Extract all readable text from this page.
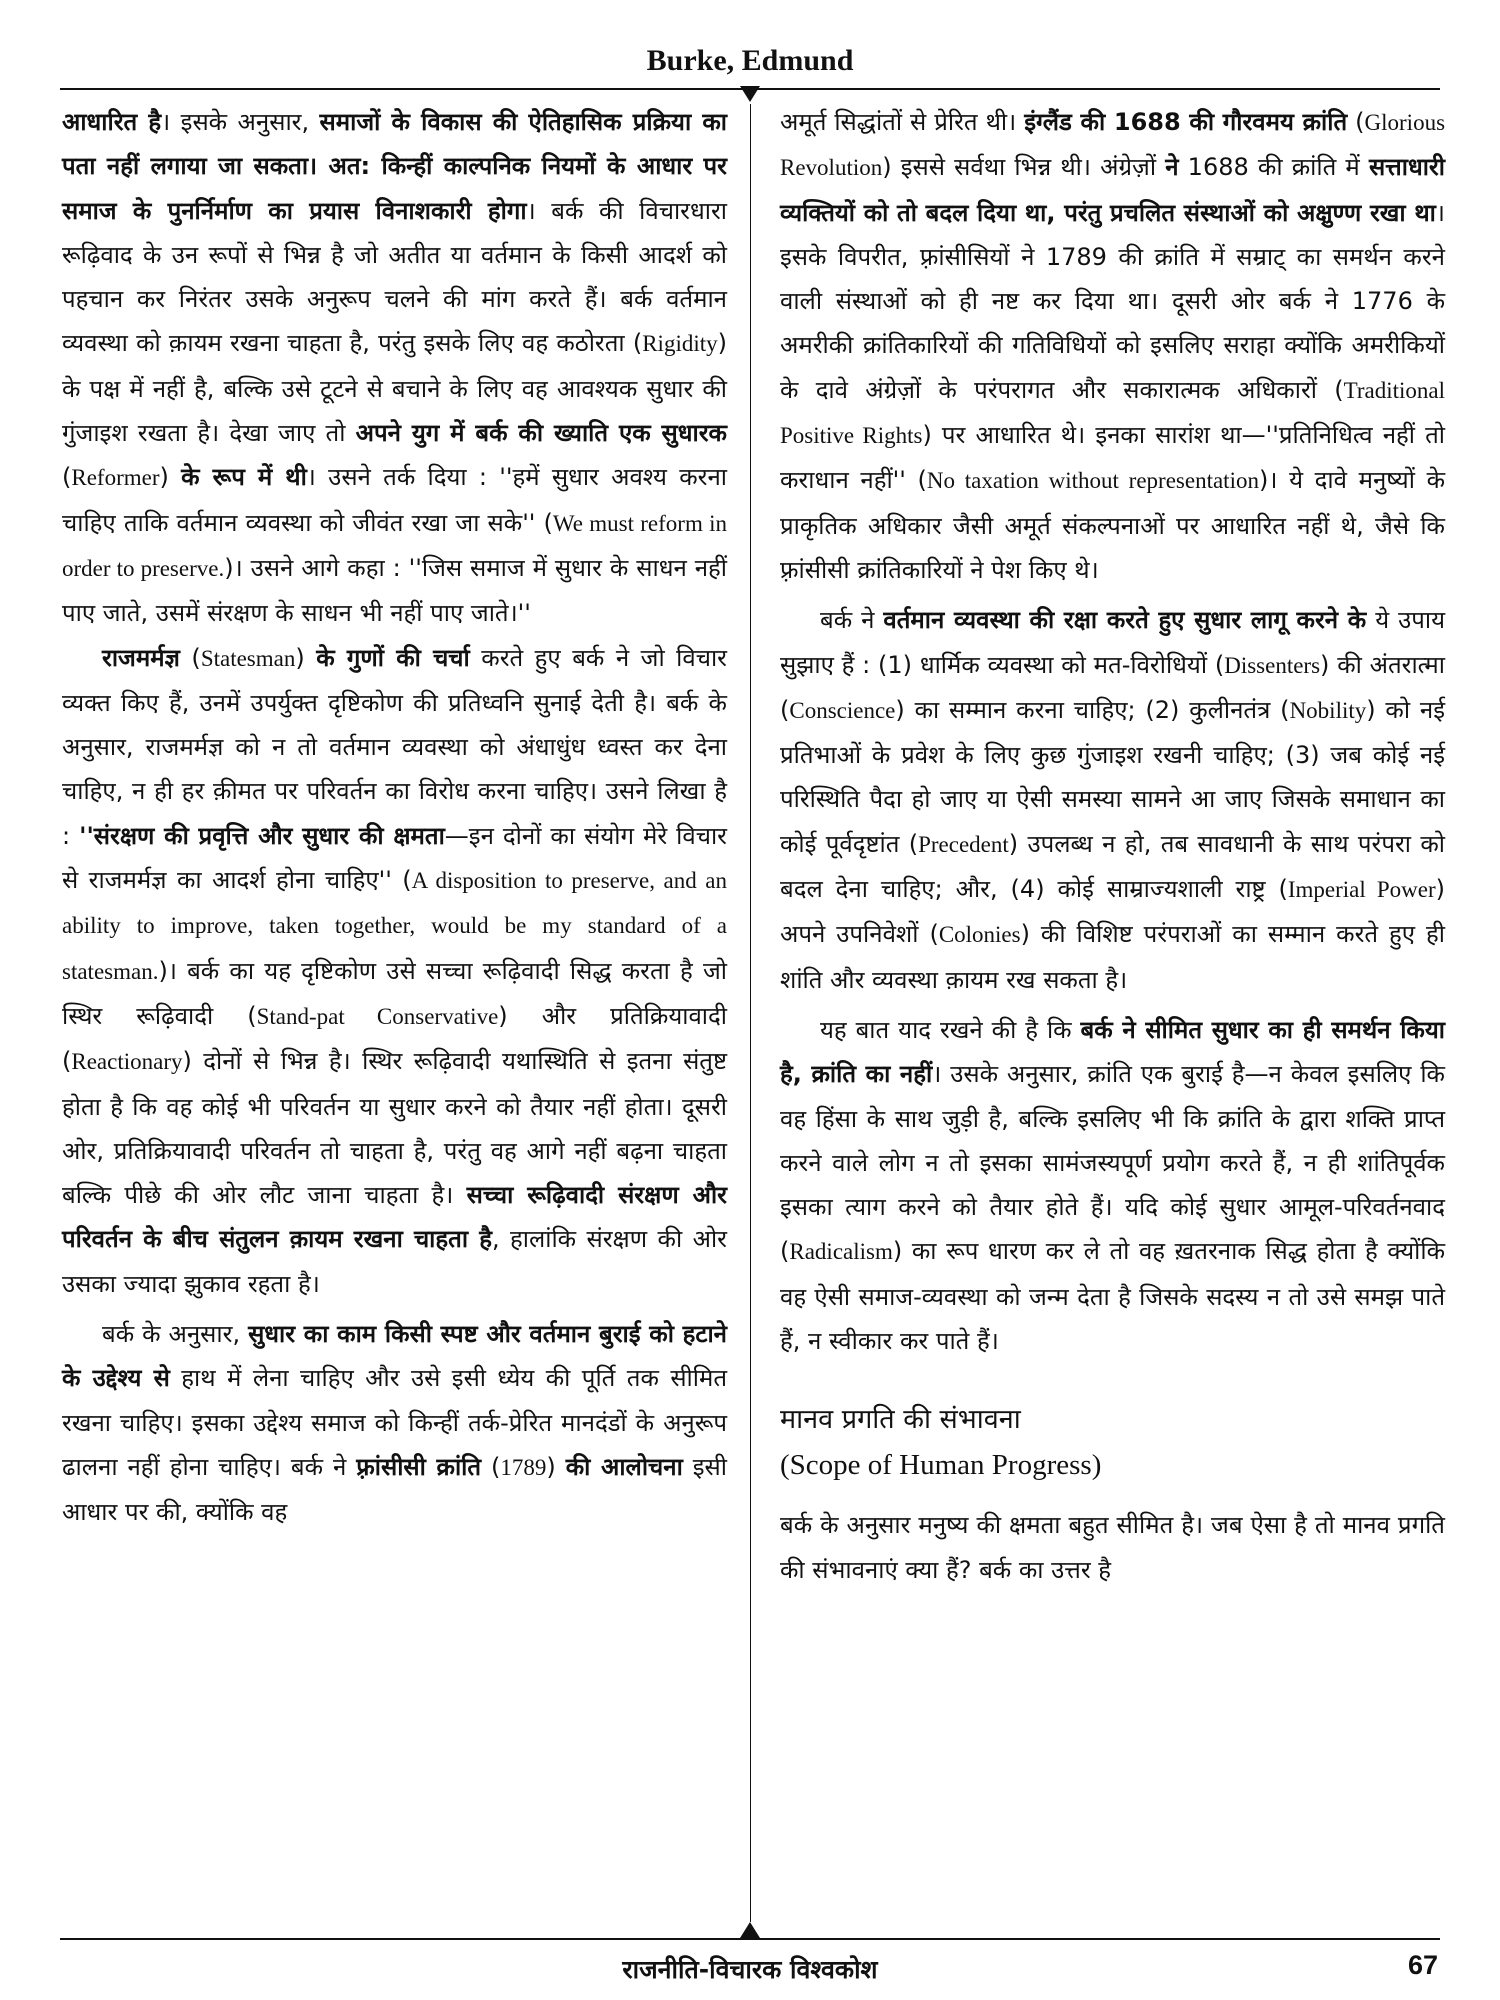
Burke, Edmund

आधारित है। इसके अनुसार, समाजों के विकास की ऐतिहासिक प्रक्रिया का पता नहीं लगाया जा सकता। अत: किन्हीं काल्पनिक नियमों के आधार पर समाज के पुनर्निर्माण का प्रयास विनाशकारी होगा। बर्क की विचारधारा रूढ़िवाद के उन रूपों से भिन्न है जो अतीत या वर्तमान के किसी आदर्श को पहचान कर निरंतर उसके अनुरूप चलने की मांग करते हैं। बर्क वर्तमान व्यवस्था को क़ायम रखना चाहता है, परंतु इसके लिए वह कठोरता (Rigidity) के पक्ष में नहीं है, बल्कि उसे टूटने से बचाने के लिए वह आवश्यक सुधार की गुंजाइश रखता है। देखा जाए तो अपने युग में बर्क की ख्याति एक सुधारक (Reformer) के रूप में थी। उसने तर्क दिया : ''हमें सुधार अवश्य करना चाहिए ताकि वर्तमान व्यवस्था को जीवंत रखा जा सके'' (We must reform in order to preserve.)। उसने आगे कहा : ''जिस समाज में सुधार के साधन नहीं पाए जाते, उसमें संरक्षण के साधन भी नहीं पाए जाते।''

राजमर्मज्ञ (Statesman) के गुणों की चर्चा करते हुए बर्क ने जो विचार व्यक्त किए हैं, उनमें उपर्युक्त दृष्टिकोण की प्रतिध्वनि सुनाई देती है। बर्क के अनुसार, राजमर्मज्ञ को न तो वर्तमान व्यवस्था को अंधाधुंध ध्वस्त कर देना चाहिए, न ही हर क़ीमत पर परिवर्तन का विरोध करना चाहिए। उसने लिखा है : ''संरक्षण की प्रवृत्ति और सुधार की क्षमता—इन दोनों का संयोग मेरे विचार से राजमर्मज्ञ का आदर्श होना चाहिए'' (A disposition to preserve, and an ability to improve, taken together, would be my standard of a statesman.)। बर्क का यह दृष्टिकोण उसे सच्चा रूढ़िवादी सिद्ध करता है जो स्थिर रूढ़िवादी (Stand-pat Conservative) और प्रतिक्रियावादी (Reactionary) दोनों से भिन्न है। स्थिर रूढ़िवादी यथास्थिति से इतना संतुष्ट होता है कि वह कोई भी परिवर्तन या सुधार करने को तैयार नहीं होता। दूसरी ओर, प्रतिक्रियावादी परिवर्तन तो चाहता है, परंतु वह आगे नहीं बढ़ना चाहता बल्कि पीछे की ओर लौट जाना चाहता है। सच्चा रूढ़िवादी संरक्षण और परिवर्तन के बीच संतुलन क़ायम रखना चाहता है, हालांकि संरक्षण की ओर उसका ज्यादा झुकाव रहता है।

बर्क के अनुसार, सुधार का काम किसी स्पष्ट और वर्तमान बुराई को हटाने के उद्देश्य से हाथ में लेना चाहिए और उसे इसी ध्येय की पूर्ति तक सीमित रखना चाहिए। इसका उद्देश्य समाज को किन्हीं तर्क-प्रेरित मानदंडों के अनुरूप ढालना नहीं होना चाहिए। बर्क ने फ़्रांसीसी क्रांति (1789) की आलोचना इसी आधार पर की, क्योंकि वह

अमूर्त सिद्धांतों से प्रेरित थी। इंग्लैंड की 1688 की गौरवमय क्रांति (Glorious Revolution) इससे सर्वथा भिन्न थी। अंग्रेज़ों ने 1688 की क्रांति में सत्ताधारी व्यक्तियों को तो बदल दिया था, परंतु प्रचलित संस्थाओं को अक्षुण्ण रखा था। इसके विपरीत, फ़्रांसीसियों ने 1789 की क्रांति में सम्राट् का समर्थन करने वाली संस्थाओं को ही नष्ट कर दिया था। दूसरी ओर बर्क ने 1776 के अमरीकी क्रांतिकारियों की गतिविधियों को इसलिए सराहा क्योंकि अमरीकियों के दावे अंग्रेज़ों के परंपरागत और सकारात्मक अधिकारों (Traditional Positive Rights) पर आधारित थे। इनका सारांश था—''प्रतिनिधित्व नहीं तो कराधान नहीं'' (No taxation without representation)। ये दावे मनुष्यों के प्राकृतिक अधिकार जैसी अमूर्त संकल्पनाओं पर आधारित नहीं थे, जैसे कि फ़्रांसीसी क्रांतिकारियों ने पेश किए थे।

बर्क ने वर्तमान व्यवस्था की रक्षा करते हुए सुधार लागू करने के ये उपाय सुझाए हैं : (1) धार्मिक व्यवस्था को मत-विरोधियों (Dissenters) की अंतरात्मा (Conscience) का सम्मान करना चाहिए; (2) कुलीनतंत्र (Nobility) को नई प्रतिभाओं के प्रवेश के लिए कुछ गुंजाइश रखनी चाहिए; (3) जब कोई नई परिस्थिति पैदा हो जाए या ऐसी समस्या सामने आ जाए जिसके समाधान का कोई पूर्वदृष्टांत (Precedent) उपलब्ध न हो, तब सावधानी के साथ परंपरा को बदल देना चाहिए; और, (4) कोई साम्राज्यशाली राष्ट्र (Imperial Power) अपने उपनिवेशों (Colonies) की विशिष्ट परंपराओं का सम्मान करते हुए ही शांति और व्यवस्था क़ायम रख सकता है।

यह बात याद रखने की है कि बर्क ने सीमित सुधार का ही समर्थन किया है, क्रांति का नहीं। उसके अनुसार, क्रांति एक बुराई है—न केवल इसलिए कि वह हिंसा के साथ जुड़ी है, बल्कि इसलिए भी कि क्रांति के द्वारा शक्ति प्राप्त करने वाले लोग न तो इसका सामंजस्यपूर्ण प्रयोग करते हैं, न ही शांतिपूर्वक इसका त्याग करने को तैयार होते हैं। यदि कोई सुधार आमूल-परिवर्तनवाद (Radicalism) का रूप धारण कर ले तो वह ख़तरनाक सिद्ध होता है क्योंकि वह ऐसी समाज-व्यवस्था को जन्म देता है जिसके सदस्य न तो उसे समझ पाते हैं, न स्वीकार कर पाते हैं।

मानव प्रगति की संभावना
(Scope of Human Progress)

बर्क के अनुसार मनुष्य की क्षमता बहुत सीमित है। जब ऐसा है तो मानव प्रगति की संभावनाएं क्या हैं? बर्क का उत्तर है

राजनीति-विचारक विश्वकोश	67
